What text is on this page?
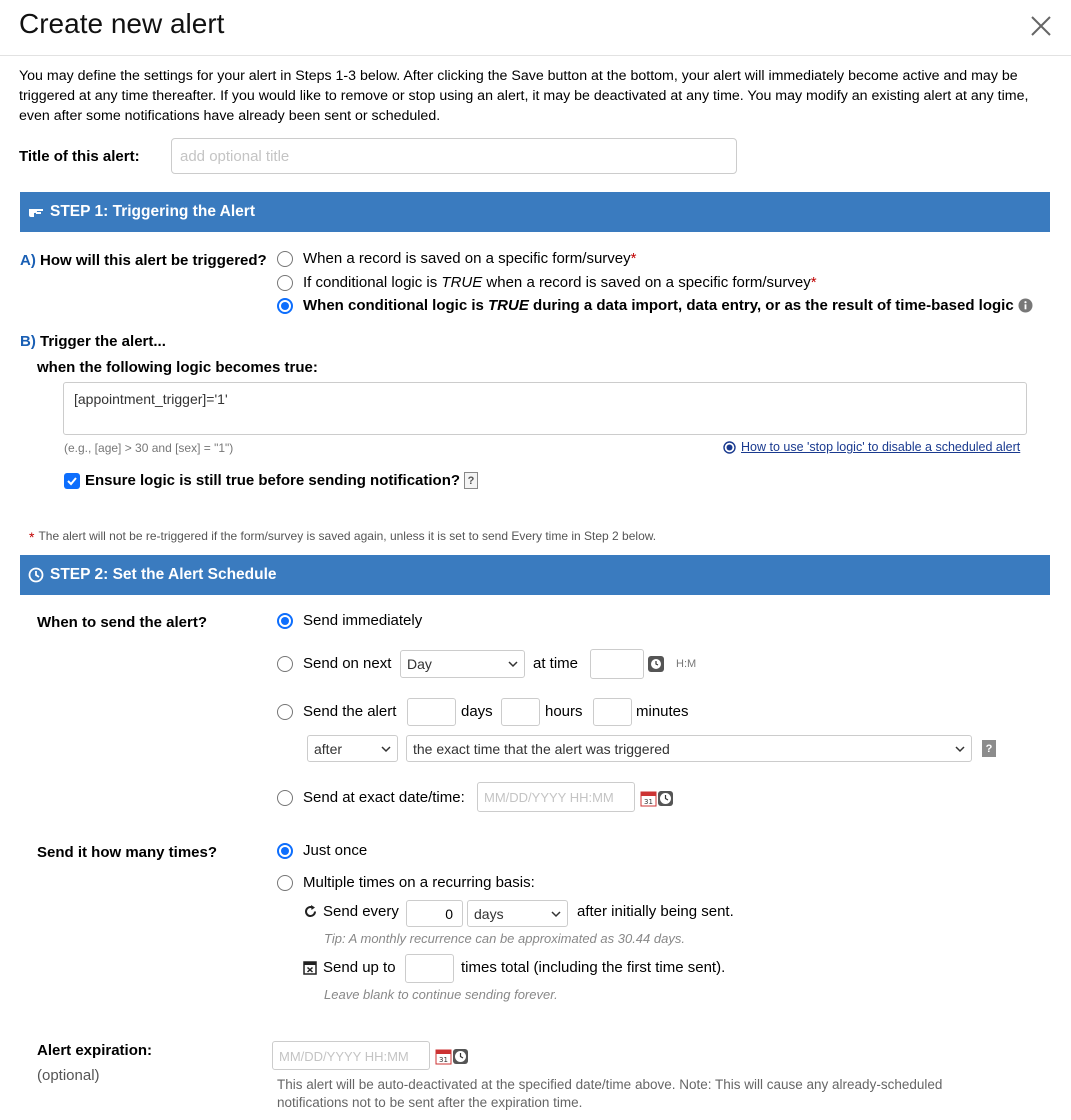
Create new alert
You may define the settings for your alert in Steps 1-3 below. After clicking the Save button at the bottom, your alert will immediately become active and may be triggered at any time thereafter. If you would like to remove or stop using an alert, it may be deactivated at any time. You may modify an existing alert at any time, even after some notifications have already been sent or scheduled.
Title of this alert:
add optional title
STEP 1: Triggering the Alert
A) How will this alert be triggered? When a record is saved on a specific form/survey *
If conditional logic is TRUE when a record is saved on a specific form/survey *
When conditional logic is TRUE during a data import, data entry, or as the result of time-based logic
B) Trigger the alert...
when the following logic becomes true:
[appointment_trigger]='1'
(e.g., [age] > 30 and [sex] = "1")	How to use 'stop logic' to disable a scheduled alert
Ensure logic is still true before sending notification? ?
* The alert will not be re-triggered if the form/survey is saved again, unless it is set to send Every time in Step 2 below.
STEP 2: Set the Alert Schedule
When to send the alert?	Send immediately
Send on next Day	at time	H:M
Send the alert	days	hours	minutes
after	the exact time that the alert was triggered	?
Send at exact date/time:
MM/DD/YYYY HH:MM	31
Send it how many times?	Just once
Multiple times on a recurring basis:
Send every	0 days	after initially being sent.
Tip: A monthly recurrence can be approximated as 30.44 days.
Send up to	times total (including the first time sent).
Leave blank to continue sending forever.
Alert expiration:
(optional)
MM/DD/YYYY HH:MM
31
This alert will be auto-deactivated at the specified date/time above. Note: This will cause any already-scheduled notifications not to be sent after the expiration time.
